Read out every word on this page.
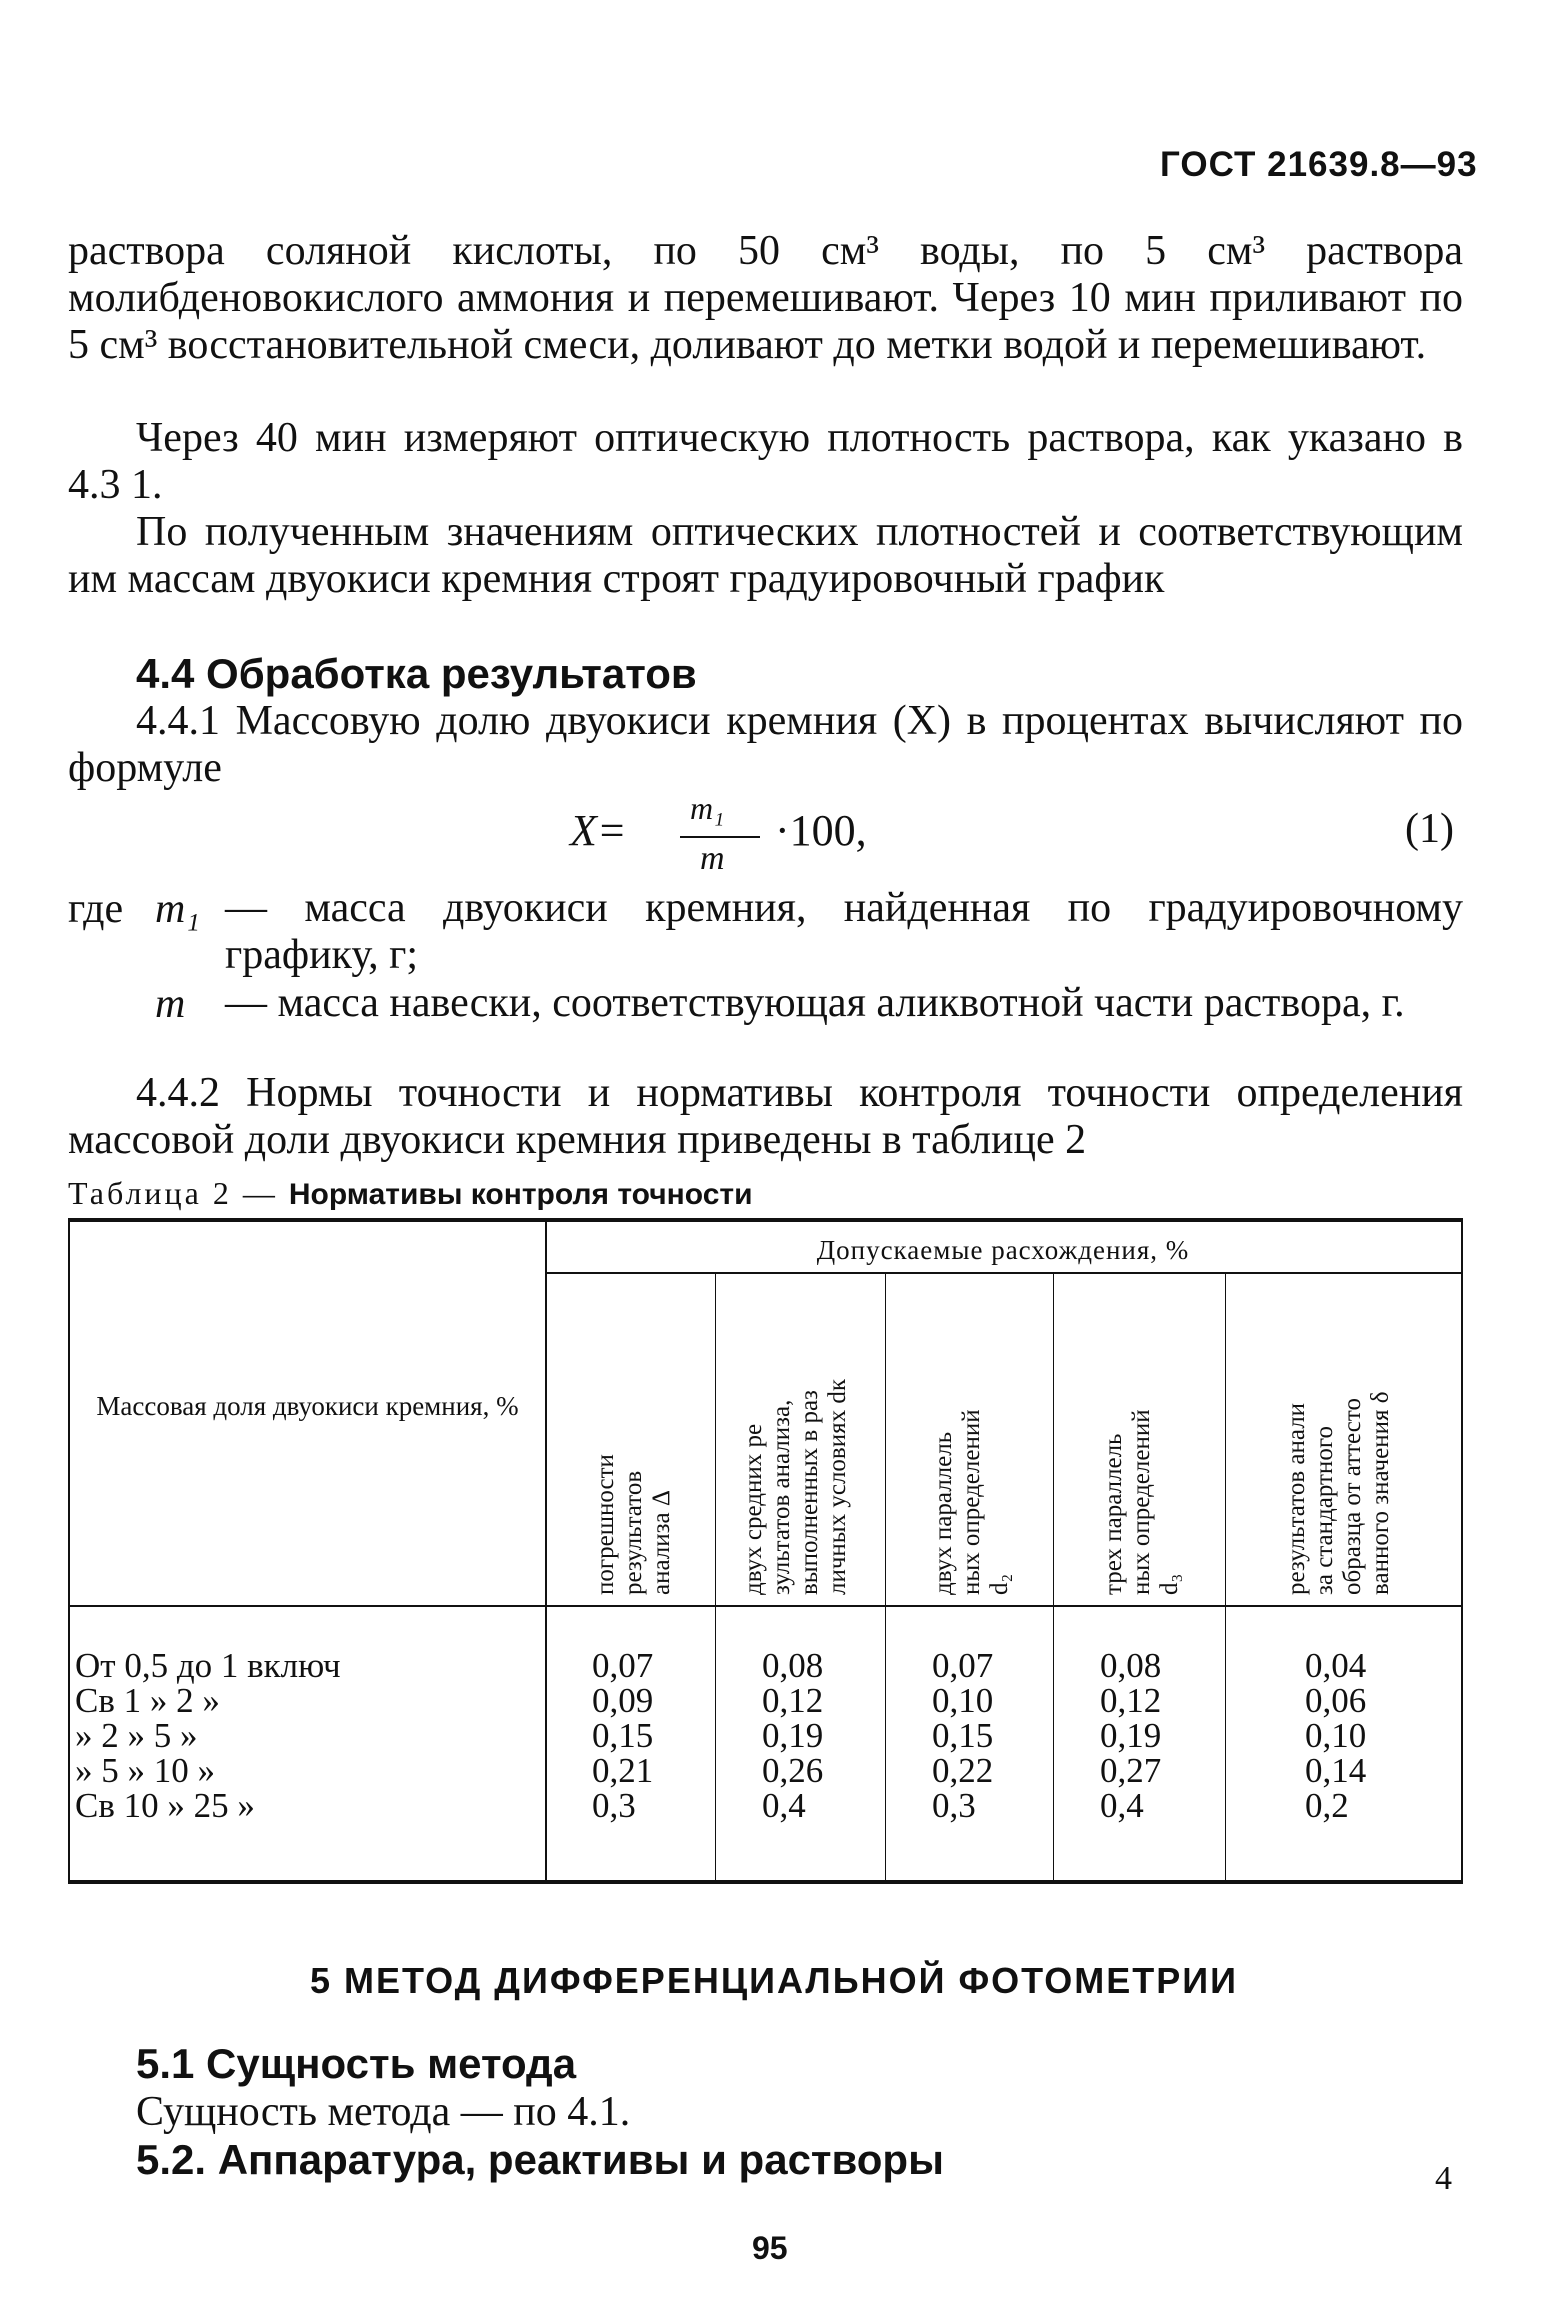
ГОСТ 21639.8—93
раствора соляной кислоты, по 50 см³ воды, по 5 см³ раствора молибденовокислого аммония и перемешивают. Через 10 мин приливают по 5 см³ восстановительной смеси, доливают до метки водой и перемешивают.
Через 40 мин измеряют оптическую плотность раствора, как указано в 4.3 1.
По полученным значениям оптических плотностей и соответствующим им массам двуокиси кремния строят градуировочный график
4.4 Обработка результатов
4.4.1 Массовую долю двуокиси кремния (X) в процентах вычисляют по формуле
X= m₁
m
·100,	(1)
где m₁ — масса двуокиси кремния, найденная по градуировочному графику, г;
m — масса навески, соответствующая аликвотной части раствора, г.
4.4.2 Нормы точности и нормативы контроля точности определения массовой доли двуокиси кремния приведены в таблице 2
Таблица 2 — Нормативы контроля точности
Массовая доля двуокиси кремния, %
Допускаемые расхождения, %
погрешности результатов анализа Δ	двух средних ре зультатов анализа, выполненных в раз личных условиях dк	двух параллель ных определений d₂	трех параллель ных определений d₃	результатов анали за стандартного образца от аттесто ванного значения δ
От 0,5 до 1 включ	0,07	0,08	0,07	0,08	0,04
Св 1 » 2 »	0,09	0,12	0,10	0,12	0,06
» 2 » 5 »	0,15	0,19	0,15	0,19	0,10
» 5 » 10 »	0,21	0,26	0,22	0,27	0,14
Св 10 » 25 »	0,3	0,4	0,3	0,4	0,2
5 МЕТОД ДИФФЕРЕНЦИАЛЬНОЙ ФОТОМЕТРИИ
5.1 Сущность метода
Сущность метода — по 4.1.
5.2. Аппаратура, реактивы и растворы
95
4
